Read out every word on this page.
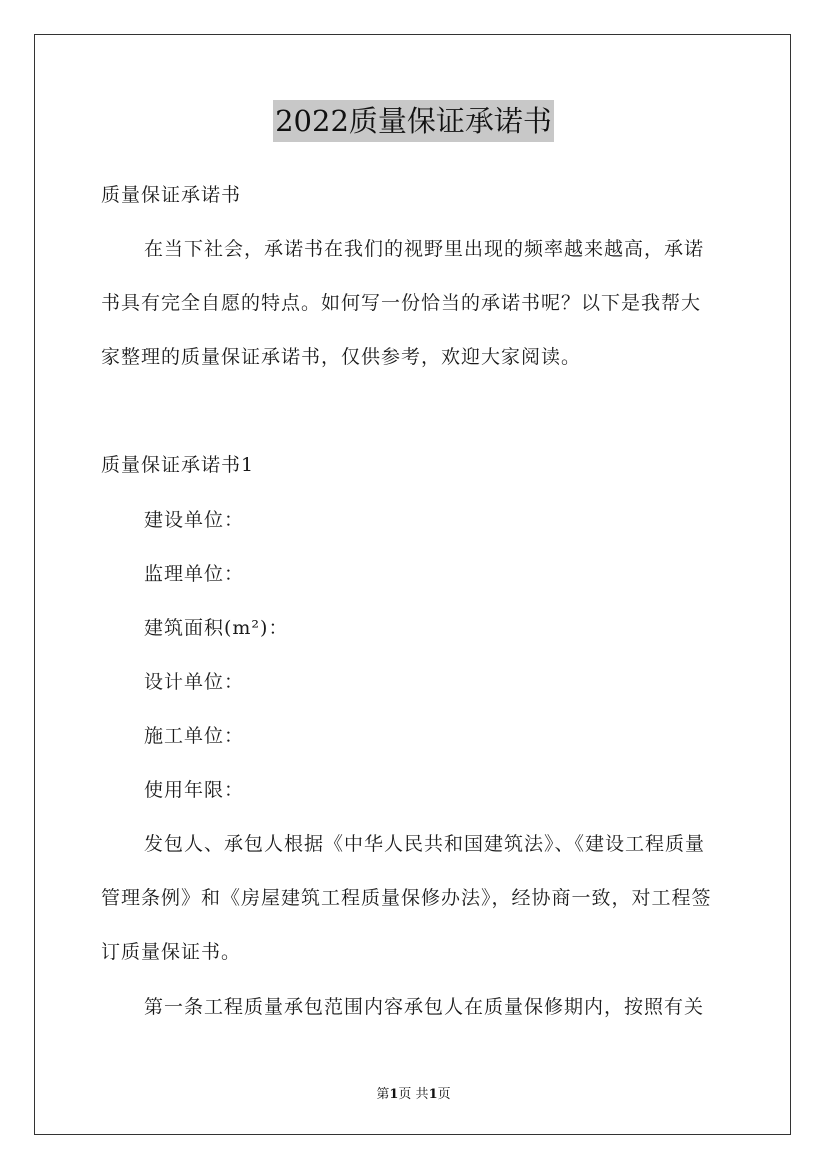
2022质量保证承诺书
质量保证承诺书
在当下社会，承诺书在我们的视野里出现的频率越来越高，承诺
书具有完全自愿的特点。如何写一份恰当的承诺书呢？以下是我帮大
家整理的质量保证承诺书，仅供参考，欢迎大家阅读。
质量保证承诺书1
建设单位：
监理单位：
建筑面积(m²)：
设计单位：
施工单位：
使用年限：
发包人、承包人根据《中华人民共和国建筑法》、《建设工程质量
管理条例》和《房屋建筑工程质量保修办法》，经协商一致，对工程签
订质量保证书。
第一条工程质量承包范围内容承包人在质量保修期内，按照有关
第1页 共1页
